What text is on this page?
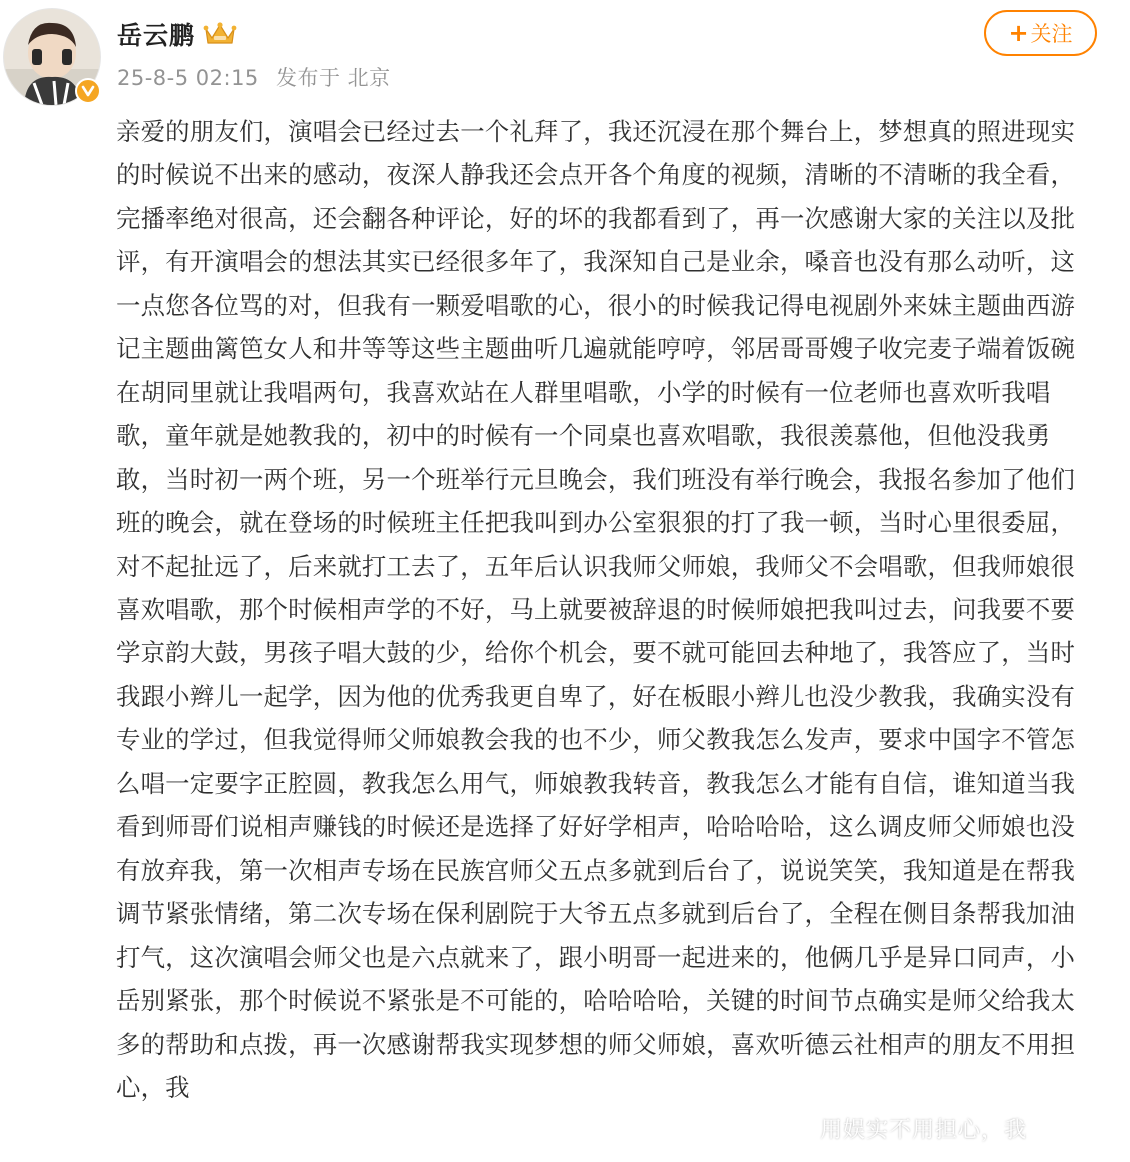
岳云鹏
25-8-5 02:15 发布于 北京
+ 关注

亲爱的朋友们，演唱会已经过去一个礼拜了，我还沉浸在那个舞台上，梦想真的照进现实的时候说不出来的感动，夜深人静我还会点开各个角度的视频，清晰的不清晰的我全看，完播率绝对很高，还会翻各种评论，好的坏的我都看到了，再一次感谢大家的关注以及批评，有开演唱会的想法其实已经很多年了，我深知自己是业余，嗓音也没有那么动听，这一点您各位骂的对，但我有一颗爱唱歌的心，很小的时候我记得电视剧外来妹主题曲西游记主题曲篱笆女人和井等等这些主题曲听几遍就能哼哼，邻居哥哥嫂子收完麦子端着饭碗在胡同里就让我唱两句，我喜欢站在人群里唱歌，小学的时候有一位老师也喜欢听我唱歌，童年就是她教我的，初中的时候有一个同桌也喜欢唱歌，我很羡慕他，但他没我勇敢，当时初一两个班，另一个班举行元旦晚会，我们班没有举行晚会，我报名参加了他们班的晚会，就在登场的时候班主任把我叫到办公室狠狠的打了我一顿，当时心里很委屈，对不起扯远了，后来就打工去了，五年后认识我师父师娘，我师父不会唱歌，但我师娘很喜欢唱歌，那个时候相声学的不好，马上就要被辞退的时候师娘把我叫过去，问我要不要学京韵大鼓，男孩子唱大鼓的少，给你个机会，要不就可能回去种地了，我答应了，当时我跟小辫儿一起学，因为他的优秀我更自卑了，好在板眼小辫儿也没少教我，我确实没有专业的学过，但我觉得师父师娘教会我的也不少，师父教我怎么发声，要求中国字不管怎么唱一定要字正腔圆，教我怎么用气，师娘教我转音，教我怎么才能有自信，谁知道当我看到师哥们说相声赚钱的时候还是选择了好好学相声，哈哈哈哈，这么调皮师父师娘也没有放弃我，第一次相声专场在民族宫师父五点多就到后台了，说说笑笑，我知道是在帮我调节紧张情绪，第二次专场在保利剧院于大爷五点多就到后台了，全程在侧目条帮我加油打气，这次演唱会师父也是六点就来了，跟小明哥一起进来的，他俩几乎是异口同声，小岳别紧张，那个时候说不紧张是不可能的，哈哈哈哈，关键的时间节点确实是师父给我太多的帮助和点拨，再一次感谢帮我实现梦想的师父师娘，喜欢听德云社相声的朋友不用担心，我

用娱实不用担心，我
